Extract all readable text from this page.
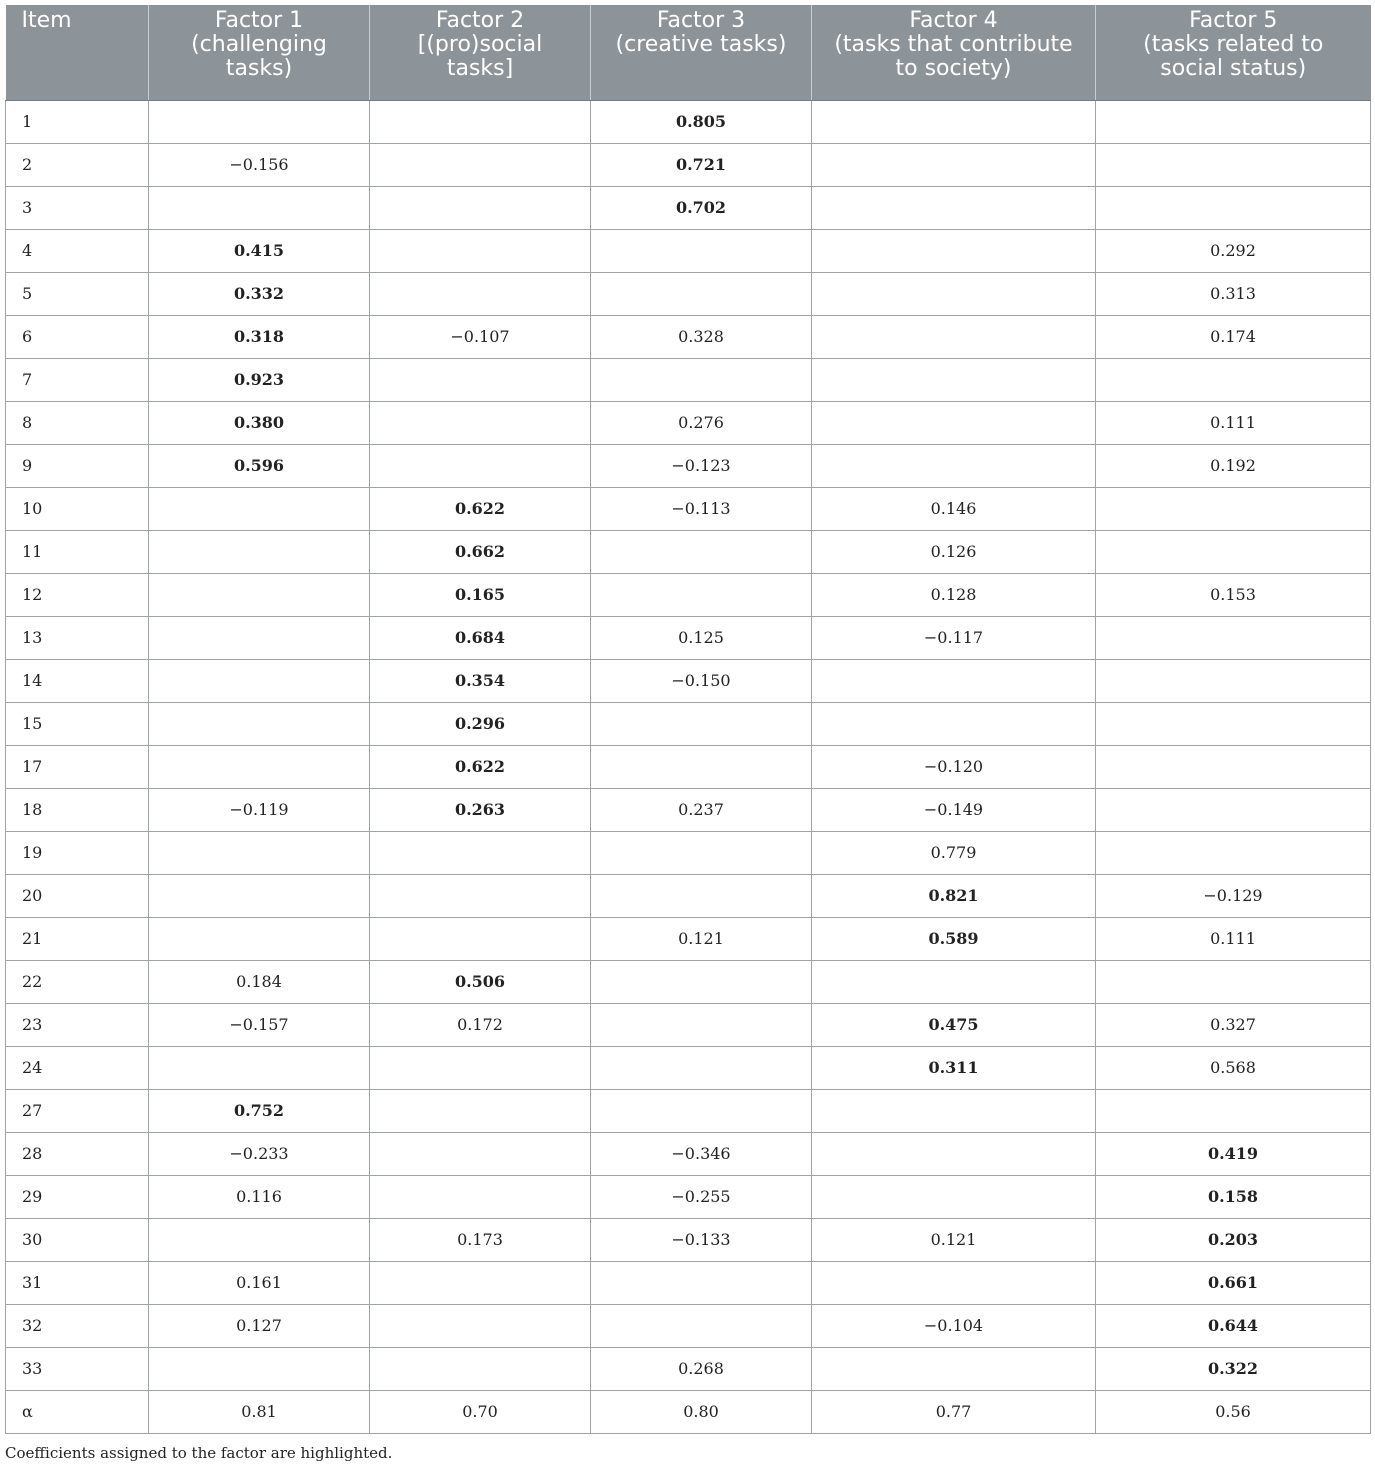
Item	Factor 1
(challenging
tasks)	Factor 2
[(pro)social
tasks]	Factor 3
(creative tasks)	Factor 4
(tasks that contribute
to society)	Factor 5
(tasks related to
social status)

1			0.805		
2	−0.156		0.721		
3			0.702		
4	0.415				0.292
5	0.332				0.313
6	0.318	−0.107	0.328		0.174
7	0.923				
8	0.380		0.276		0.111
9	0.596		−0.123		0.192
10		0.622	−0.113	0.146	
11		0.662		0.126	
12		0.165		0.128	0.153
13		0.684	0.125	−0.117	
14		0.354	−0.150		
15		0.296			
17		0.622		−0.120	
18	−0.119	0.263	0.237	−0.149	
19				0.779	
20				0.821	−0.129
21			0.121	0.589	0.111
22	0.184	0.506			
23	−0.157	0.172		0.475	0.327
24				0.311	0.568
27	0.752				
28	−0.233		−0.346		0.419
29	0.116		−0.255		0.158
30		0.173	−0.133	0.121	0.203
31	0.161				0.661
32	0.127			−0.104	0.644
33			0.268		0.322
α	0.81	0.70	0.80	0.77	0.56
Coefficients assigned to the factor are highlighted.
